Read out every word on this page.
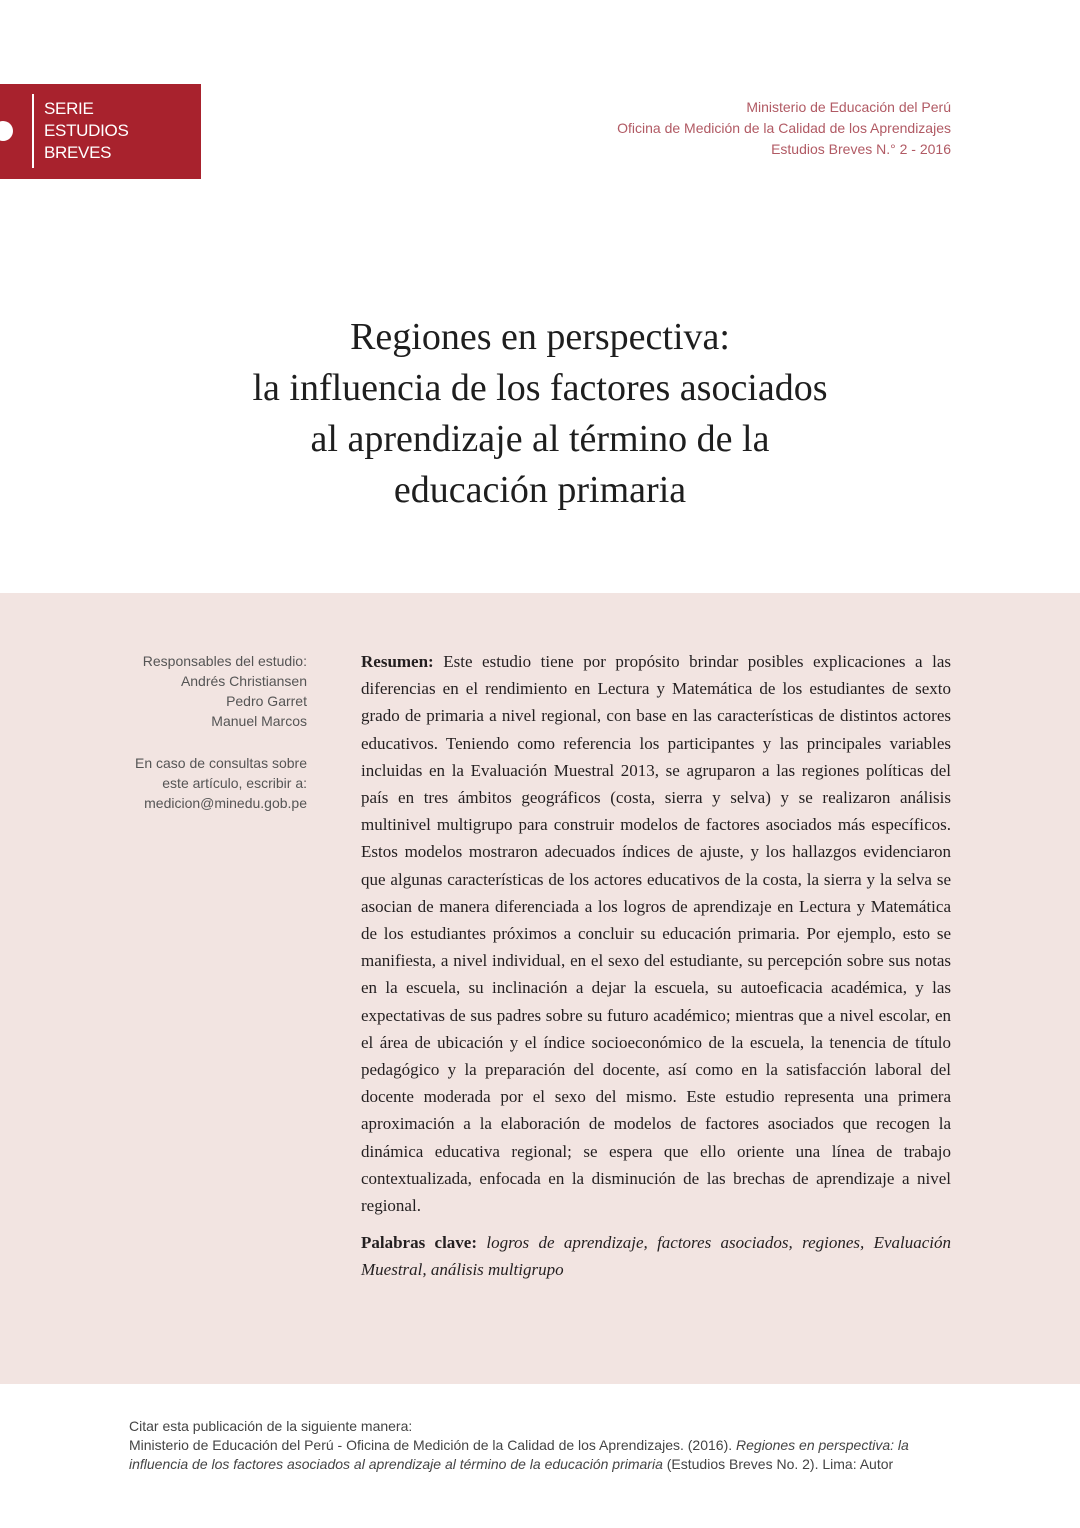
SERIE
ESTUDIOS
BREVES
Ministerio de Educación del Perú
Oficina de Medición de la Calidad de los Aprendizajes
Estudios Breves N.° 2 - 2016
Regiones en perspectiva:
la influencia de los factores asociados
al aprendizaje al término de la
educación primaria
Responsables del estudio:
Andrés Christiansen
Pedro Garret
Manuel Marcos
En caso de consultas sobre
este artículo, escribir a:
medicion@minedu.gob.pe

Resumen: Este estudio tiene por propósito brindar posibles explicaciones a las diferencias en el rendimiento en Lectura y Matemática de los estudiantes de sexto grado de primaria a nivel regional, con base en las características de distintos actores educativos. Teniendo como referencia los participantes y las principales variables incluidas en la Evaluación Muestral 2013, se agruparon a las regiones políticas del país en tres ámbitos geográficos (costa, sierra y selva) y se realizaron análisis multinivel multigrupo para construir modelos de factores asociados más específicos. Estos modelos mostraron adecuados índices de ajuste, y los hallazgos evidenciaron que algunas características de los actores educativos de la costa, la sierra y la selva se asocian de manera diferenciada a los logros de aprendizaje en Lectura y Matemática de los estudiantes próximos a concluir su educación primaria. Por ejemplo, esto se manifiesta, a nivel individual, en el sexo del estudiante, su percepción sobre sus notas en la escuela, su inclinación a dejar la escuela, su autoeficacia académica, y las expectativas de sus padres sobre su futuro académico; mientras que a nivel escolar, en el área de ubicación y el índice socioeconómico de la escuela, la tenencia de título pedagógico y la preparación del docente, así como en la satisfacción laboral del docente moderada por el sexo del mismo. Este estudio representa una primera aproximación a la elaboración de modelos de factores asociados que recogen la dinámica educativa regional; se espera que ello oriente una línea de trabajo contextualizada, enfocada en la disminución de las brechas de aprendizaje a nivel regional.

Palabras clave: logros de aprendizaje, factores asociados, regiones, Evaluación Muestral, análisis multigrupo

Citar esta publicación de la siguiente manera:

Ministerio de Educación del Perú - Oficina de Medición de la Calidad de los Aprendizajes. (2016). Regiones en perspectiva: la influencia de los factores asociados al aprendizaje al término de la educación primaria (Estudios Breves No. 2). Lima: Autor
